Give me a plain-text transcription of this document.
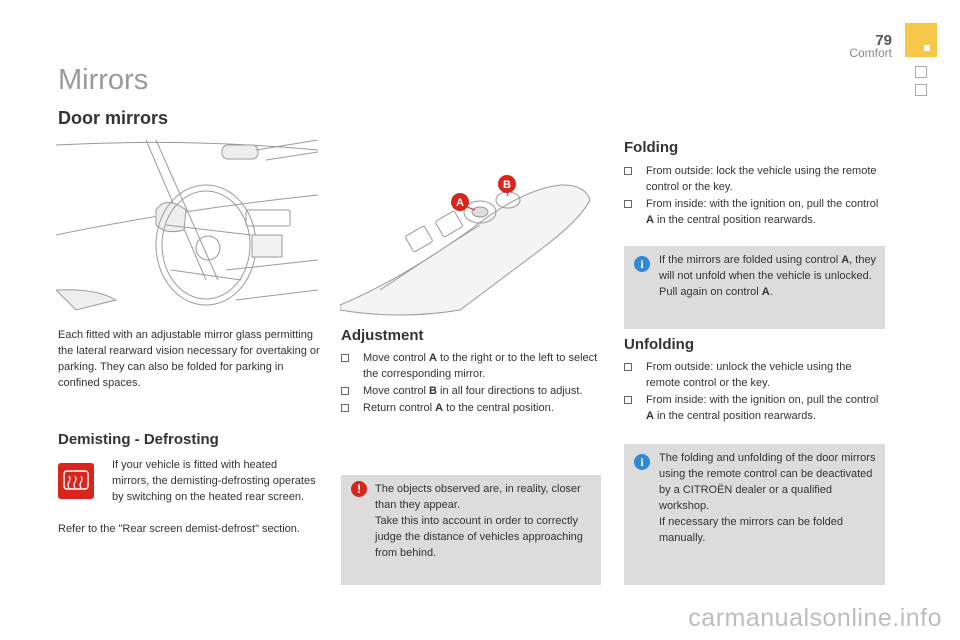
79
Comfort
Mirrors
Door mirrors

Each fitted with an adjustable mirror glass permitting the lateral rearward vision necessary for overtaking or parking. They can also be folded for parking in confined spaces.

Demisting - Defrosting

If your vehicle is fitted with heated mirrors, the demisting-defrosting operates by switching on the heated rear screen.

Refer to the "Rear screen demist-defrost" section.

A
B
Adjustment
Move control A to the right or to the left to select the corresponding mirror.
Move control B in all four directions to adjust.
Return control A to the central position.
!	The objects observed are, in reality, closer than they appear.

Take this into account in order to correctly judge the distance of vehicles approaching from behind.

Folding
From outside: lock the vehicle using the remote control or the key.
From inside: with the ignition on, pull the control A in the central position rearwards.
i	If the mirrors are folded using control A, they will not unfold when the vehicle is unlocked. Pull again on control A.

Unfolding
From outside: unlock the vehicle using the remote control or the key.
From inside: with the ignition on, pull the control A in the central position rearwards.
i	The folding and unfolding of the door mirrors using the remote control can be deactivated by a CITROËN dealer or a qualified workshop.

If necessary the mirrors can be folded manually.

carmanualsonline.info
